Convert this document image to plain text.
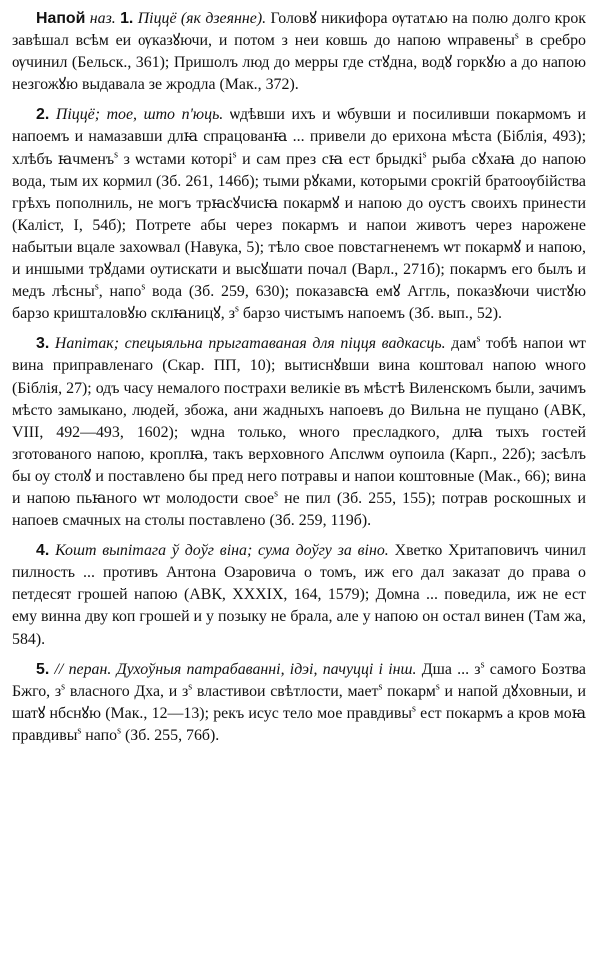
Напой наз. 1. Піццё (як дзеянне). Головꙋ никифора ѹтатѧю на полю долго крок завѣшал всѣм еи ѹказꙋючи, и потом з неи ковшь до напою ѡправены$^s$ в сребро ѹчинил (Бельск., 361); Пришолъ люд до мерры где стꙋдна, водꙋ горкꙋю а до напою незгожꙋю выдавала зе жродла (Мак., 372).

2. Піццё; тое, што п'юць. ѡдѣвши ихъ и ѡбувши и посиливши покармомъ и напоемъ и намазавши длꙗ спрацованꙗ ... привели до ерихона мѣста (Біблія, 493); хлѣбъ ꙗчменъ$^s$ з ѡстами которі$^s$ и сам през сꙗ ест брыдкі$^s$ рыба сꙋхаꙗ до напою вода, тым их кормил (Зб. 261, 146б); тыми рꙋками, которыми срокгій братоѹбійства грѣхъ пополниль, не могъ трꙗсꙋчисꙗ покармꙋ и напою до оустъ своихъ принести (Каліст, I, 54б); Потрете абы через покармъ и напои животъ через нарожене набытыи вцале захоѡвал (Навука, 5); тѣло свое повстагненемъ ѡт покармꙋ и напою, и иншыми трꙋдами оутискати и высꙋшати почал (Варл., 271б); покармъ его былъ и медъ лѣсны$^s$, напо$^s$ вода (Зб. 259, 630); показавсꙗ емꙋ Аггль, показꙋючи чистꙋю барзо кришталовꙋю склꙗницꙋ, $з^s$ барзо чистымъ напоемъ (Зб. вып., 52).

3. Напітак; спецыяльна прыгатаваная для піцця вадкасць. дам$^s$ тобѣ напои ѡт вина приправленаго (Скар. ПП, 10); вытиснꙋвши вина коштовал напою ѡного (Біблія, 27); одъ часу немалого пострахи великіе въ мѣстѣ Виленскомъ были, зачимъ мѣсто замыкано, людей, збожа, ани жадныхъ напоевъ до Вильна не пущано (АВК, VIII, 492—493, 1602); ѡдна только, ѡного пресладкого, длꙗ тыхъ гостей зготованого напою, кроплꙗ, такъ верховного Апслѡм оупоила (Карп., 22б); засѣлъ бы оу столꙋ и поставлено бы пред него потравы и напои коштовные (Мак., 66); вина и напою пьꙗного ѡт молодости свое$^s$ не пил (Зб. 255, 155); потрав роскошных и напоев смачных на столы поставлено (Зб. 259, 119б).

4. Кошт выпітага ў доўг віна; сума доўгу за віно. Хветко Хритаповичъ чинил пилность ... противъ Антона Озаровича о томъ, иж его дал заказат до права о петдесят грошей напою (АВК, XXXIX, 164, 1579); Домна ... поведила, иж не ест ему винна дву коп грошей и у позыку не брала, але у напою он остал винен (Там жа, 584).

5. // перан. Духоўныя патрабаванні, ідэі, пачуцці і інш. Дша ... $з^s$ самого Бозтва Бжго, $з^s$ власного Дха, и $з^s$ властивои свѣтлости, мает$^s$ покарм$^s$ и напой дꙋховныи, и шатꙋ нбснꙋю (Мак., 12—13); рекъ исус тело мое правдивы$^s$ ест покармъ а кров моꙗ правдивы$^s$ напо$^s$ (Зб. 255, 76б).
